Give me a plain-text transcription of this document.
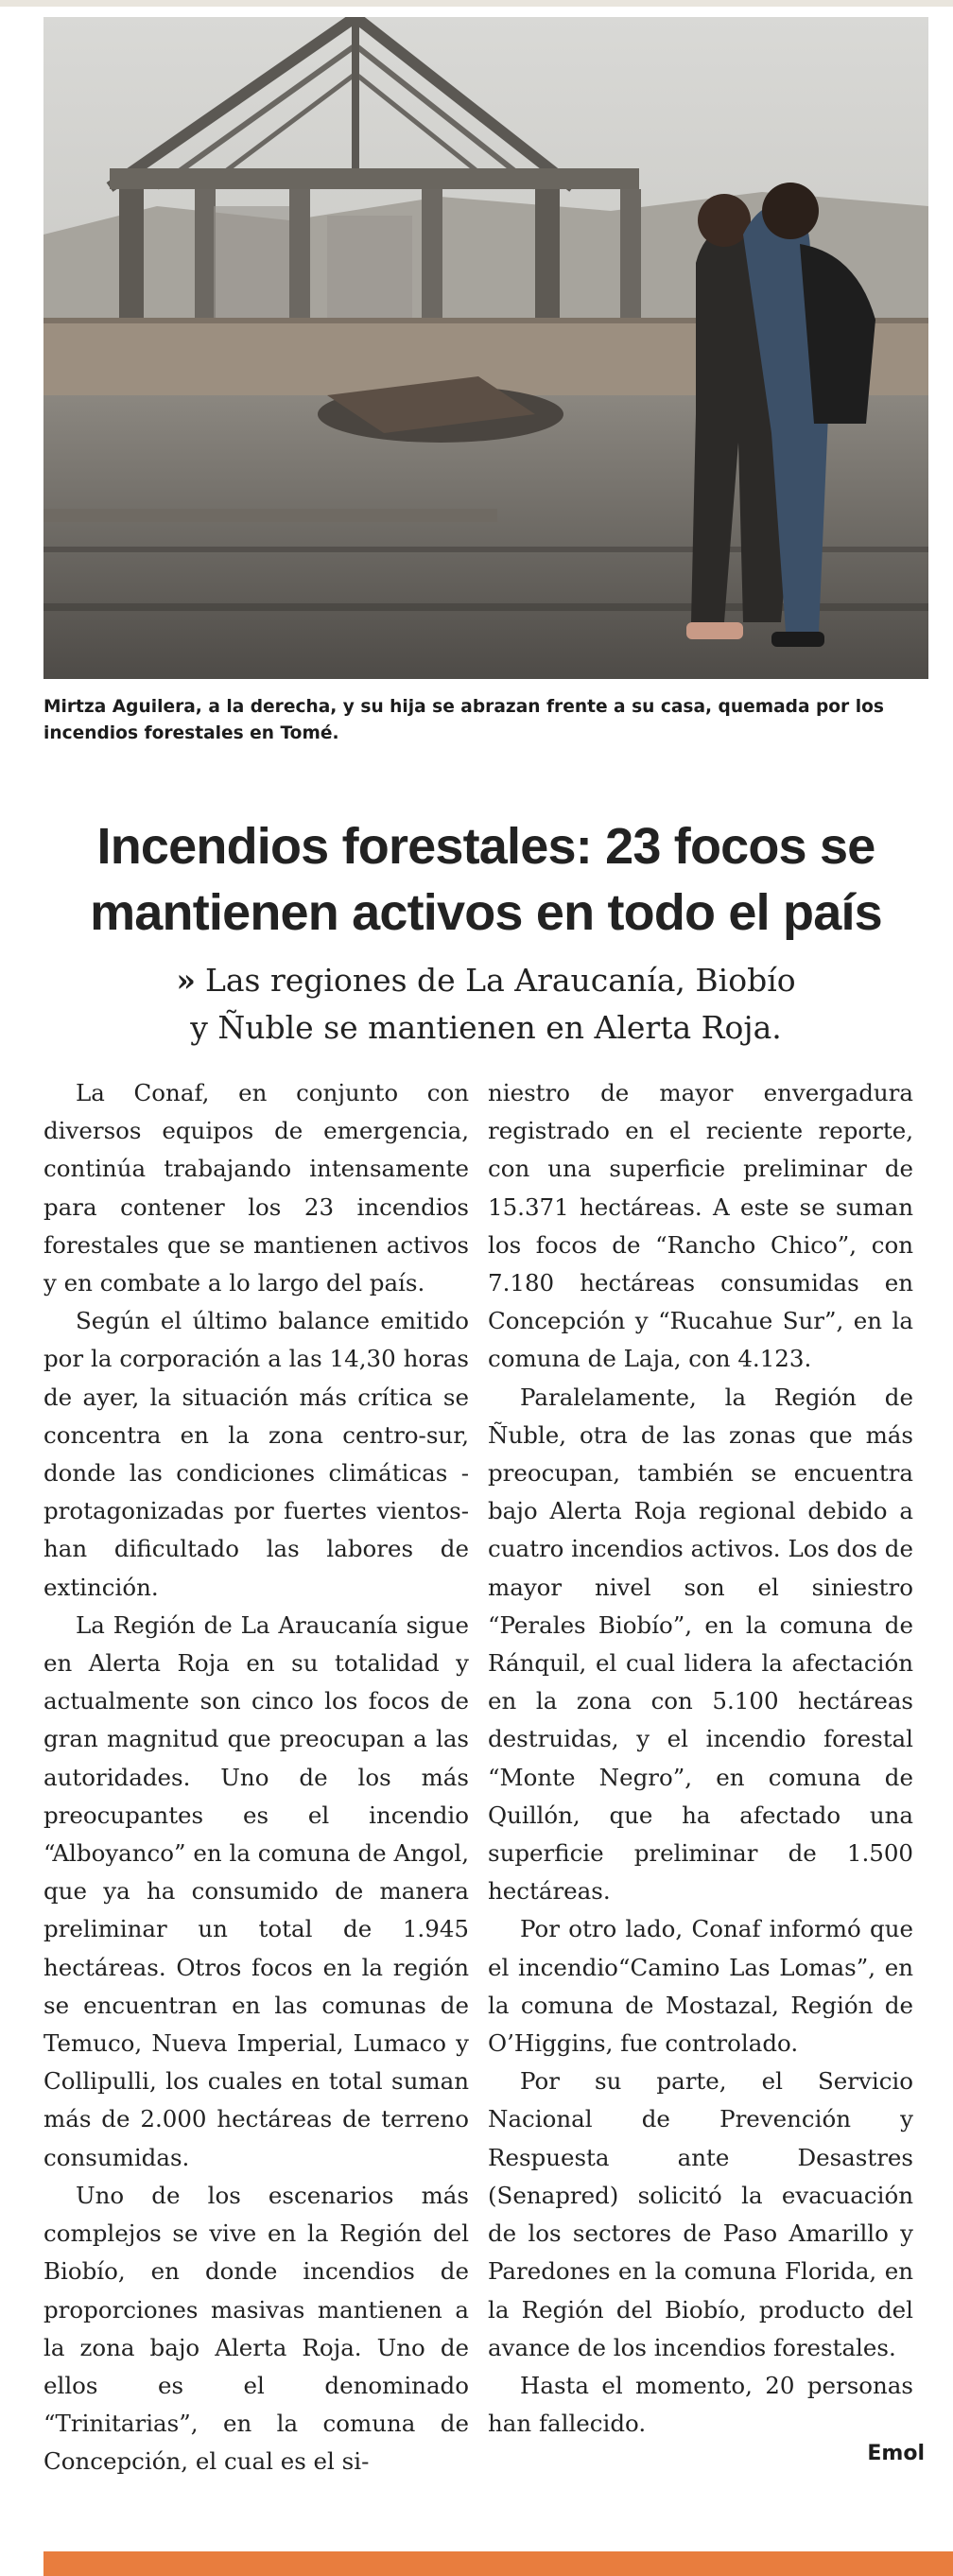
Mirtza Aguilera, a la derecha, y su hija se abrazan frente a su casa, quemada por los incendios forestales en Tomé.

Incendios forestales: 23 focos se
mantienen activos en todo el país

» Las regiones de La Araucanía, Biobío
y Ñuble se mantienen en Alerta Roja.

La Conaf, en conjunto con diversos equipos de emergencia, continúa trabajando intensamente para contener los 23 incendios forestales que se mantienen activos y en combate a lo largo del país.

Según el último balance emitido por la corporación a las 14,30 horas de ayer, la situación más crítica se concentra en la zona centro-sur, donde las condiciones climáticas -protagonizadas por fuertes vientos- han dificultado las labores de extinción.

La Región de La Araucanía sigue en Alerta Roja en su totalidad y actualmente son cinco los focos de gran magnitud que preocupan a las autoridades. Uno de los más preocupantes es el incendio “Alboyanco” en la comuna de Angol, que ya ha consumido de manera preliminar un total de 1.945 hectáreas. Otros focos en la región se encuentran en las comunas de Temuco, Nueva Imperial, Lumaco y Collipulli, los cuales en total suman más de 2.000 hectáreas de terreno consumidas.

Uno de los escenarios más complejos se vive en la Región del Biobío, en donde incendios de proporciones masivas mantienen a la zona bajo Alerta Roja. Uno de ellos es el denominado “Trinitarias”, en la comuna de Concepción, el cual es el si-

niestro de mayor envergadura registrado en el reciente reporte, con una superficie preliminar de 15.371 hectáreas. A este se suman los focos de “Rancho Chico”, con 7.180 hectáreas consumidas en Concepción y “Rucahue Sur”, en la comuna de Laja, con 4.123.

Paralelamente, la Región de Ñuble, otra de las zonas que más preocupan, también se encuentra bajo Alerta Roja regional debido a cuatro incendios activos. Los dos de mayor nivel son el siniestro “Perales Biobío”, en la comuna de Ránquil, el cual lidera la afectación en la zona con 5.100 hectáreas destruidas, y el incendio forestal “Monte Negro”, en comuna de Quillón, que ha afectado una superficie preliminar de 1.500 hectáreas.

Por otro lado, Conaf informó que el incendio“Camino Las Lomas”, en la comuna de Mostazal, Región de O’Higgins, fue controlado.

Por su parte, el Servicio Nacional de Prevención y Respuesta ante Desastres (Senapred) solicitó la evacuación de los sectores de Paso Amarillo y Paredones en la comuna Florida, en la Región del Biobío, producto del avance de los incendios forestales.

Hasta el momento, 20 personas han fallecido.

Emol
